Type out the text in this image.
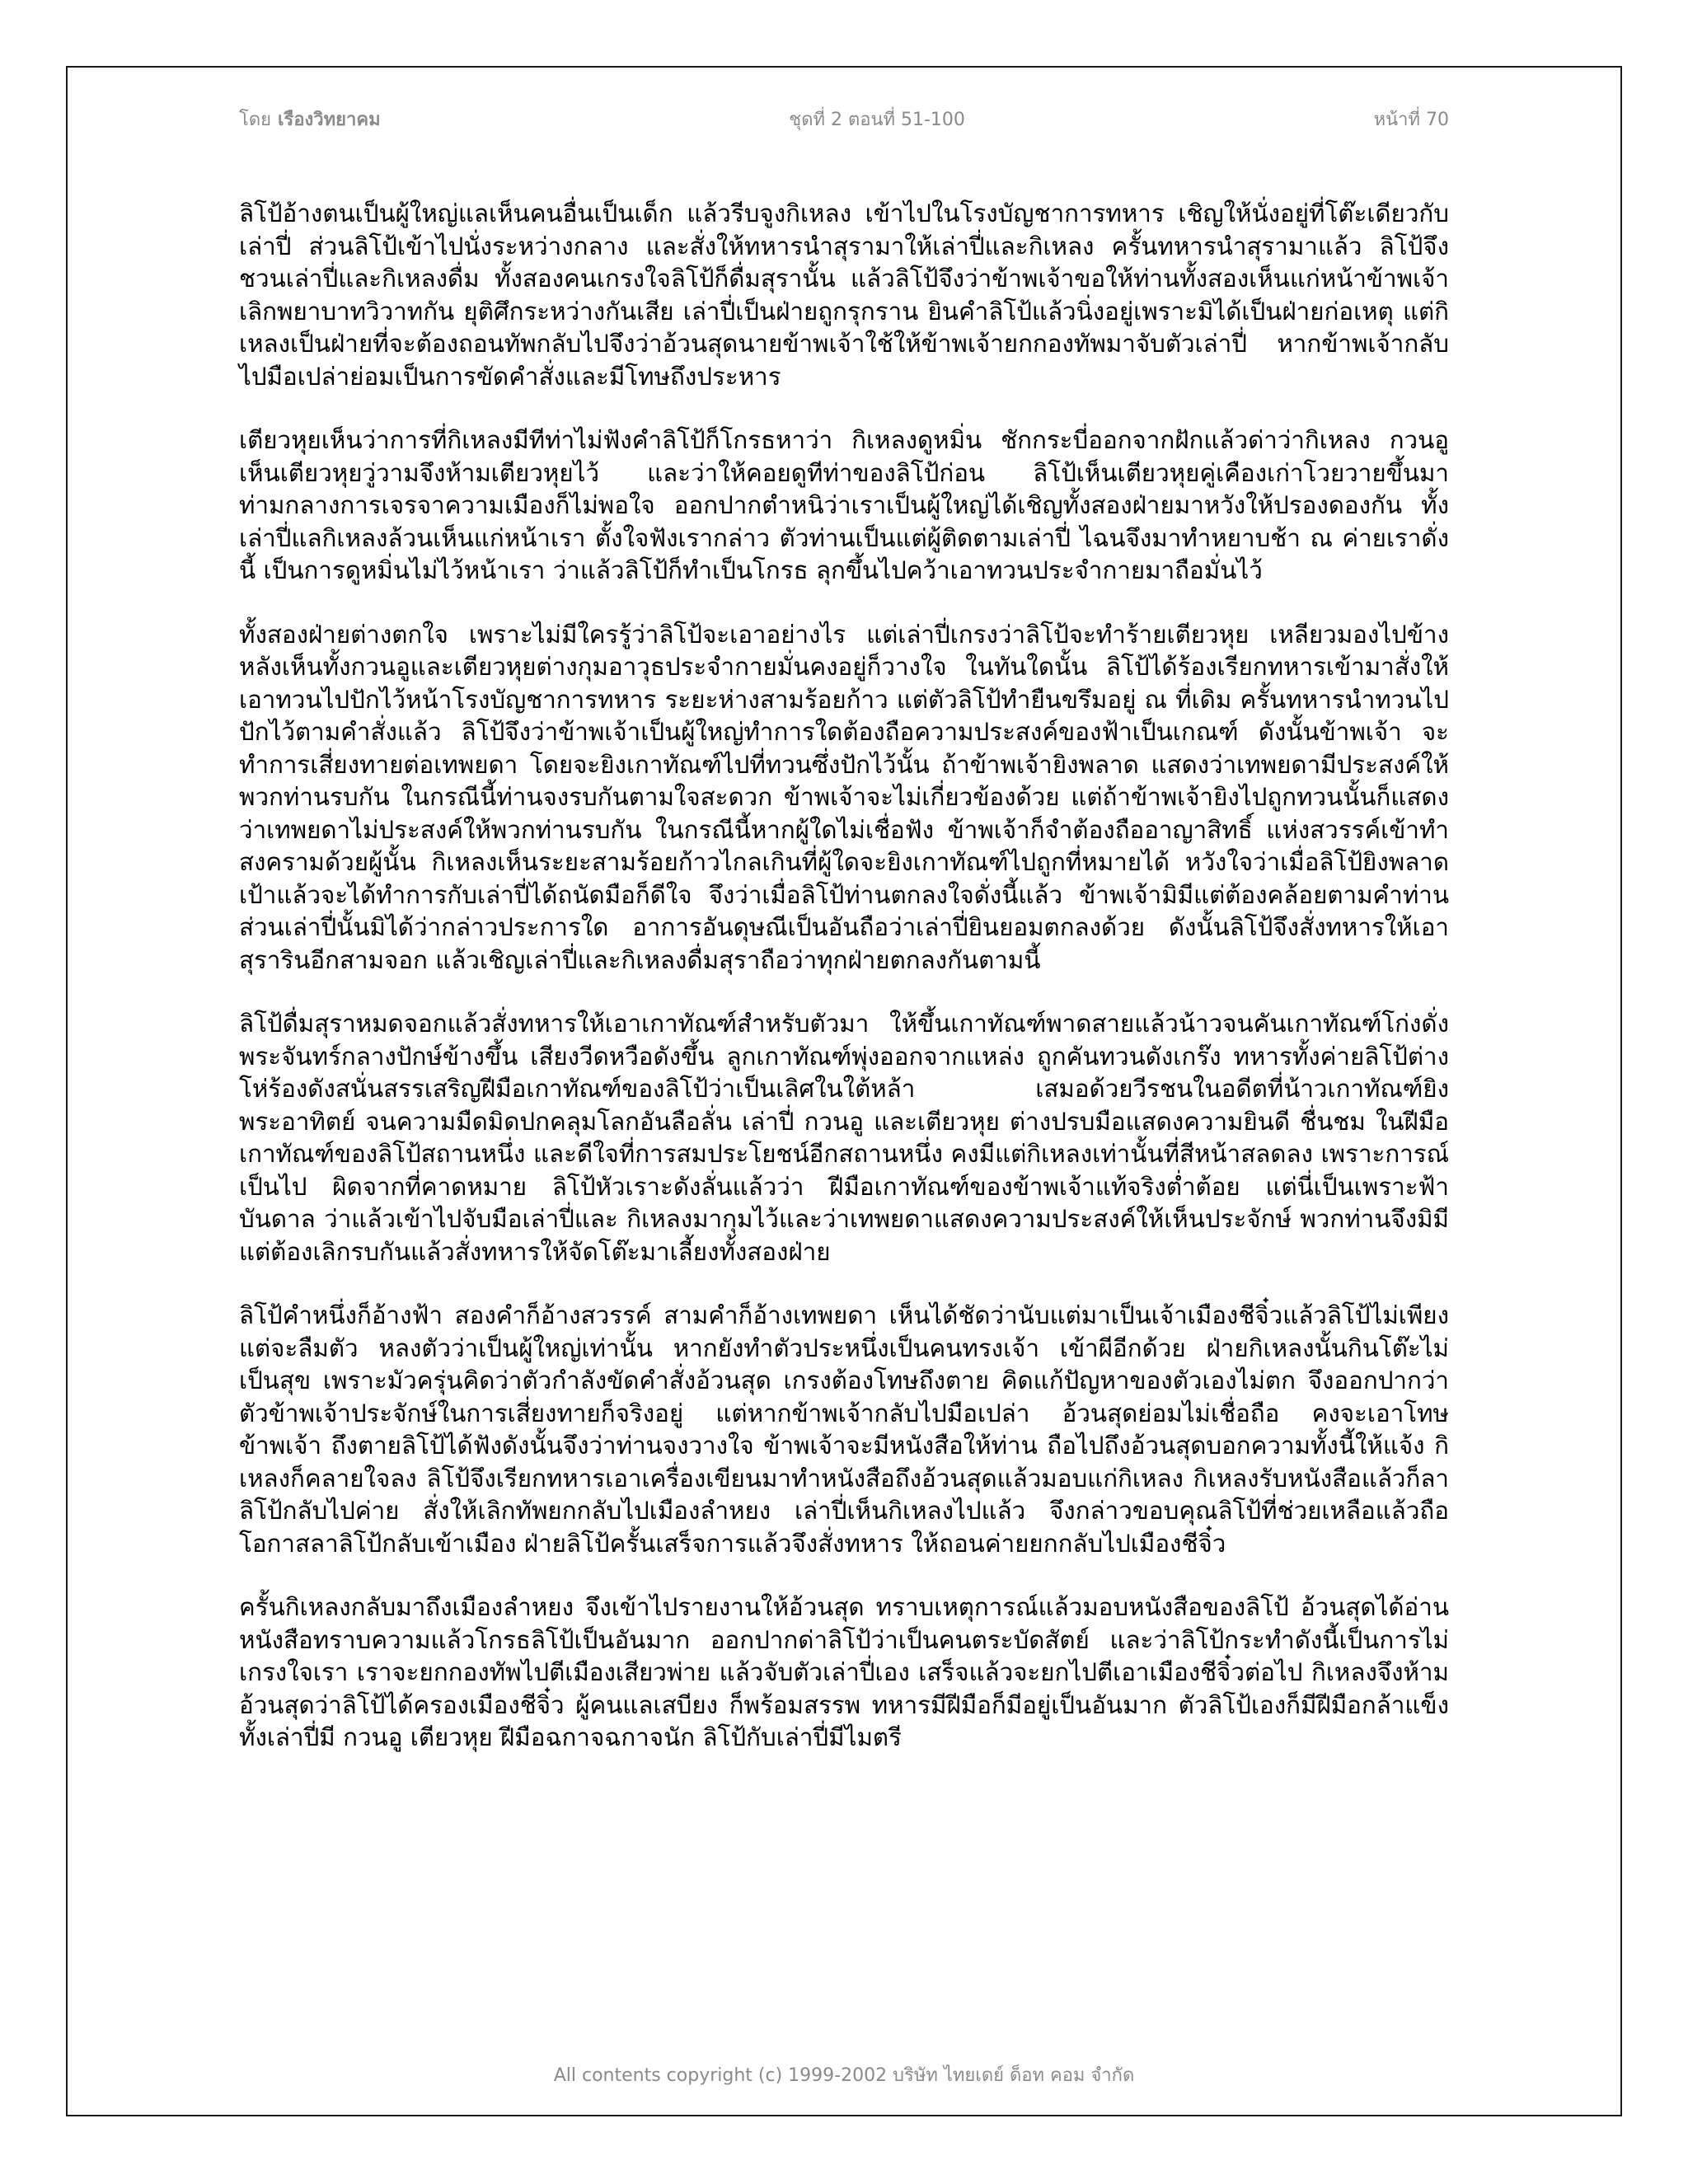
โดย เรืองวิทยาคม	ชุดที่ 2 ตอนที่ 51-100	หน้าที่ 70

ลิโป้อ้างตนเป็นผู้ใหญ่แลเห็นคนอื่นเป็นเด็ก แล้วรีบจูงกิเหลง เข้าไปในโรงบัญชาการทหาร เชิญให้นั่งอยู่ที่โต๊ะเดียวกับเล่าปี่ ส่วนลิโป้เข้าไปนั่งระหว่างกลาง และสั่งให้ทหารนำสุรามาให้เล่าปี่และกิเหลง ครั้นทหารนำสุรามาแล้ว ลิโป้จึงชวนเล่าปี่และกิเหลงดื่ม ทั้งสองคนเกรงใจลิโป้ก็ดื่มสุรานั้น แล้วลิโป้จึงว่าข้าพเจ้าขอให้ท่านทั้งสองเห็นแก่หน้าข้าพเจ้า เลิกพยาบาทวิวาทกัน ยุติศึกระหว่างกันเสีย เล่าปี่เป็นฝ่ายถูกรุกราน ยินคำลิโป้แล้วนิ่งอยู่เพราะมิได้เป็นฝ่ายก่อเหตุ แต่กิเหลงเป็นฝ่ายที่จะต้องถอนทัพกลับไปจึงว่าอ้วนสุดนายข้าพเจ้าใช้ให้ข้าพเจ้ายกกองทัพมาจับตัวเล่าปี่ หากข้าพเจ้ากลับไปมือเปล่าย่อมเป็นการขัดคำสั่งและมีโทษถึงประหาร

เตียวหุยเห็นว่าการที่กิเหลงมีทีท่าไม่ฟังคำลิโป้ก็โกรธหาว่า กิเหลงดูหมิ่น ชักกระบี่ออกจากฝักแล้วด่าว่ากิเหลง กวนอูเห็นเตียวหุยวู่วามจึงห้ามเตียวหุยไว้ และว่าให้คอยดูทีท่าของลิโป้ก่อน ลิโป้เห็นเตียวหุยคู่เคืองเก่าโวยวายขึ้นมาท่ามกลางการเจรจาความเมืองก็ไม่พอใจ ออกปากตำหนิว่าเราเป็นผู้ใหญ่ได้เชิญทั้งสองฝ่ายมาหวังให้ปรองดองกัน ทั้งเล่าปี่แลกิเหลงล้วนเห็นแก่หน้าเรา ตั้งใจฟังเรากล่าว ตัวท่านเป็นแต่ผู้ติดตามเล่าปี่ ไฉนจึงมาทำหยาบช้า ณ ค่ายเราดั่งนี้ เป็นการดูหมิ่นไม่ไว้หน้าเรา ว่าแล้วลิโป้ก็ทำเป็นโกรธ ลุกขึ้นไปคว้าเอาทวนประจำกายมาถือมั่นไว้

ทั้งสองฝ่ายต่างตกใจ เพราะไม่มีใครรู้ว่าลิโป้จะเอาอย่างไร แต่เล่าปี่เกรงว่าลิโป้จะทำร้ายเตียวหุย เหลียวมองไปข้างหลังเห็นทั้งกวนอูและเตียวหุยต่างกุมอาวุธประจำกายมั่นคงอยู่ก็วางใจ ในทันใดนั้น ลิโป้ได้ร้องเรียกทหารเข้ามาสั่งให้เอาทวนไปปักไว้หน้าโรงบัญชาการทหาร ระยะห่างสามร้อยก้าว แต่ตัวลิโป้ทำยืนขรึมอยู่ ณ ที่เดิม ครั้นทหารนำทวนไปปักไว้ตามคำสั่งแล้ว ลิโป้จึงว่าข้าพเจ้าเป็นผู้ใหญ่ทำการใดต้องถือความประสงค์ของฟ้าเป็นเกณฑ์ ดังนั้นข้าพเจ้า จะทำการเสี่ยงทายต่อเทพยดา โดยจะยิงเกาทัณฑ์ไปที่ทวนซึ่งปักไว้นั้น ถ้าข้าพเจ้ายิงพลาด แสดงว่าเทพยดามีประสงค์ให้พวกท่านรบกัน ในกรณีนี้ท่านจงรบกันตามใจสะดวก ข้าพเจ้าจะไม่เกี่ยวข้องด้วย แต่ถ้าข้าพเจ้ายิงไปถูกทวนนั้นก็แสดงว่าเทพยดาไม่ประสงค์ให้พวกท่านรบกัน ในกรณีนี้หากผู้ใดไม่เชื่อฟัง ข้าพเจ้าก็จำต้องถืออาญาสิทธิ์ แห่งสวรรค์เข้าทำสงครามด้วยผู้นั้น กิเหลงเห็นระยะสามร้อยก้าวไกลเกินที่ผู้ใดจะยิงเกาทัณฑ์ไปถูกที่หมายได้ หวังใจว่าเมื่อลิโป้ยิงพลาดเป้าแล้วจะได้ทำการกับเล่าปี่ได้ถนัดมือก็ดีใจ จึงว่าเมื่อลิโป้ท่านตกลงใจดั่งนี้แล้ว ข้าพเจ้ามิมีแต่ต้องคล้อยตามคำท่าน ส่วนเล่าปี่นั้นมิได้ว่ากล่าวประการใด อาการอันดุษณีเป็นอันถือว่าเล่าปี่ยินยอมตกลงด้วย ดังนั้นลิโป้จึงสั่งทหารให้เอาสุรารินอีกสามจอก แล้วเชิญเล่าปี่และกิเหลงดื่มสุราถือว่าทุกฝ่ายตกลงกันตามนี้

ลิโป้ดื่มสุราหมดจอกแล้วสั่งทหารให้เอาเกาทัณฑ์สำหรับตัวมา ให้ขึ้นเกาทัณฑ์พาดสายแล้วน้าวจนคันเกาทัณฑ์โก่งดั่งพระจันทร์กลางปักษ์ข้างขึ้น เสียงวีดหวือดังขึ้น ลูกเกาทัณฑ์พุ่งออกจากแหล่ง ถูกคันทวนดังเกร๊ง ทหารทั้งค่ายลิโป้ต่างโห่ร้องดังสนั่นสรรเสริญฝีมือเกาทัณฑ์ของลิโป้ว่าเป็นเลิศในใต้หล้า เสมอด้วยวีรชนในอดีตที่น้าวเกาทัณฑ์ยิงพระอาทิตย์ จนความมืดมิดปกคลุมโลกอันลือลั่น เล่าปี่ กวนอู และเตียวหุย ต่างปรบมือแสดงความยินดี ชื่นชม ในฝีมือเกาทัณฑ์ของลิโป้สถานหนึ่ง และดีใจที่การสมประโยชน์อีกสถานหนึ่ง คงมีแต่กิเหลงเท่านั้นที่สีหน้าสลดลง เพราะการณ์เป็นไป ผิดจากที่คาดหมาย ลิโป้หัวเราะดังลั่นแล้วว่า ฝีมือเกาทัณฑ์ของข้าพเจ้าแท้จริงต่ำต้อย แต่นี่เป็นเพราะฟ้าบันดาล ว่าแล้วเข้าไปจับมือเล่าปี่และ กิเหลงมากุมไว้และว่าเทพยดาแสดงความประสงค์ให้เห็นประจักษ์ พวกท่านจึงมิมีแต่ต้องเลิกรบกันแล้วสั่งทหารให้จัดโต๊ะมาเลี้ยงทั้งสองฝ่าย

ลิโป้คำหนึ่งก็อ้างฟ้า สองคำก็อ้างสวรรค์ สามคำก็อ้างเทพยดา เห็นได้ชัดว่านับแต่มาเป็นเจ้าเมืองชีจิ๋วแล้วลิโป้ไม่เพียงแต่จะลืมตัว หลงตัวว่าเป็นผู้ใหญ่เท่านั้น หากยังทำตัวประหนึ่งเป็นคนทรงเจ้า เข้าผีอีกด้วย ฝ่ายกิเหลงนั้นกินโต๊ะไม่เป็นสุข เพราะมัวครุ่นคิดว่าตัวกำลังขัดคำสั่งอ้วนสุด เกรงต้องโทษถึงตาย คิดแก้ปัญหาของตัวเองไม่ตก จึงออกปากว่าตัวข้าพเจ้าประจักษ์ในการเสี่ยงทายก็จริงอยู่ แต่หากข้าพเจ้ากลับไปมือเปล่า อ้วนสุดย่อมไม่เชื่อถือ คงจะเอาโทษข้าพเจ้า ถึงตายลิโป้ได้ฟังดังนั้นจึงว่าท่านจงวางใจ ข้าพเจ้าจะมีหนังสือให้ท่าน ถือไปถึงอ้วนสุดบอกความทั้งนี้ให้แจ้ง กิเหลงก็คลายใจลง ลิโป้จึงเรียกทหารเอาเครื่องเขียนมาทำหนังสือถึงอ้วนสุดแล้วมอบแก่กิเหลง กิเหลงรับหนังสือแล้วก็ลาลิโป้กลับไปค่าย สั่งให้เลิกทัพยกกลับไปเมืองลำหยง เล่าปี่เห็นกิเหลงไปแล้ว จึงกล่าวขอบคุณลิโป้ที่ช่วยเหลือแล้วถือโอกาสลาลิโป้กลับเข้าเมือง ฝ่ายลิโป้ครั้นเสร็จการแล้วจึงสั่งทหาร ให้ถอนค่ายยกกลับไปเมืองชีจิ๋ว

ครั้นกิเหลงกลับมาถึงเมืองลำหยง จึงเข้าไปรายงานให้อ้วนสุด ทราบเหตุการณ์แล้วมอบหนังสือของลิโป้ อ้วนสุดได้อ่านหนังสือทราบความแล้วโกรธลิโป้เป็นอันมาก ออกปากด่าลิโป้ว่าเป็นคนตระบัดสัตย์ และว่าลิโป้กระทำดังนี้เป็นการไม่เกรงใจเรา เราจะยกกองทัพไปตีเมืองเสียวพ่าย แล้วจับตัวเล่าปี่เอง เสร็จแล้วจะยกไปตีเอาเมืองชีจิ๋วต่อไป กิเหลงจึงห้ามอ้วนสุดว่าลิโป้ได้ครองเมืองชีจิ๋ว ผู้คนแลเสบียง ก็พร้อมสรรพ ทหารมีฝีมือก็มีอยู่เป็นอันมาก ตัวลิโป้เองก็มีฝีมือกล้าแข็ง ทั้งเล่าปี่มี กวนอู เตียวหุย ฝีมือฉกาจฉกาจนัก ลิโป้กับเล่าปี่มีไมตรี

All contents copyright (c) 1999-2002 บริษัท ไทยเดย์ ด็อท คอม จำกัด
